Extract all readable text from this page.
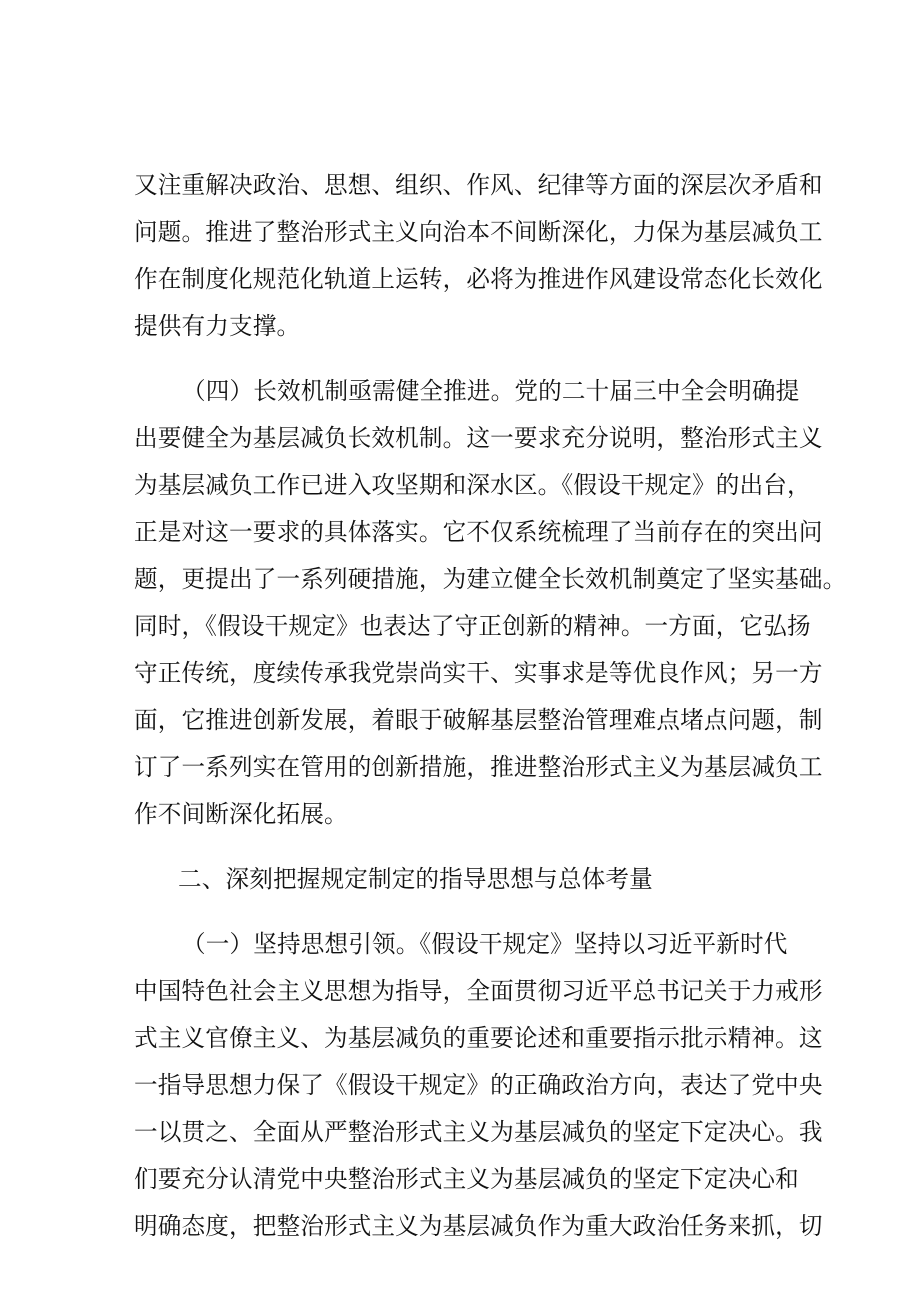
又注重解决政治、思想、组织、作风、纪律等方面的深层次矛盾和
问题。推进了整治形式主义向治本不间断深化，力保为基层减负工
作在制度化规范化轨道上运转，必将为推进作风建设常态化长效化
提供有力支撑。
（四）长效机制亟需健全推进。党的二十届三中全会明确提
出要健全为基层减负长效机制。这一要求充分说明，整治形式主义
为基层减负工作已进入攻坚期和深水区。《假设干规定》的出台，
正是对这一要求的具体落实。它不仅系统梳理了当前存在的突出问
题，更提出了一系列硬措施，为建立健全长效机制奠定了坚实基础。
同时，《假设干规定》也表达了守正创新的精神。一方面，它弘扬
守正传统，度续传承我党崇尚实干、实事求是等优良作风；另一方
面，它推进创新发展，着眼于破解基层整治管理难点堵点问题，制
订了一系列实在管用的创新措施，推进整治形式主义为基层减负工
作不间断深化拓展。
二、深刻把握规定制定的指导思想与总体考量
（一）坚持思想引领。《假设干规定》坚持以习近平新时代
中国特色社会主义思想为指导，全面贯彻习近平总书记关于力戒形
式主义官僚主义、为基层减负的重要论述和重要指示批示精神。这
一指导思想力保了《假设干规定》的正确政治方向，表达了党中央
一以贯之、全面从严整治形式主义为基层减负的坚定下定决心。我
们要充分认清党中央整治形式主义为基层减负的坚定下定决心和
明确态度，把整治形式主义为基层减负作为重大政治任务来抓，切
